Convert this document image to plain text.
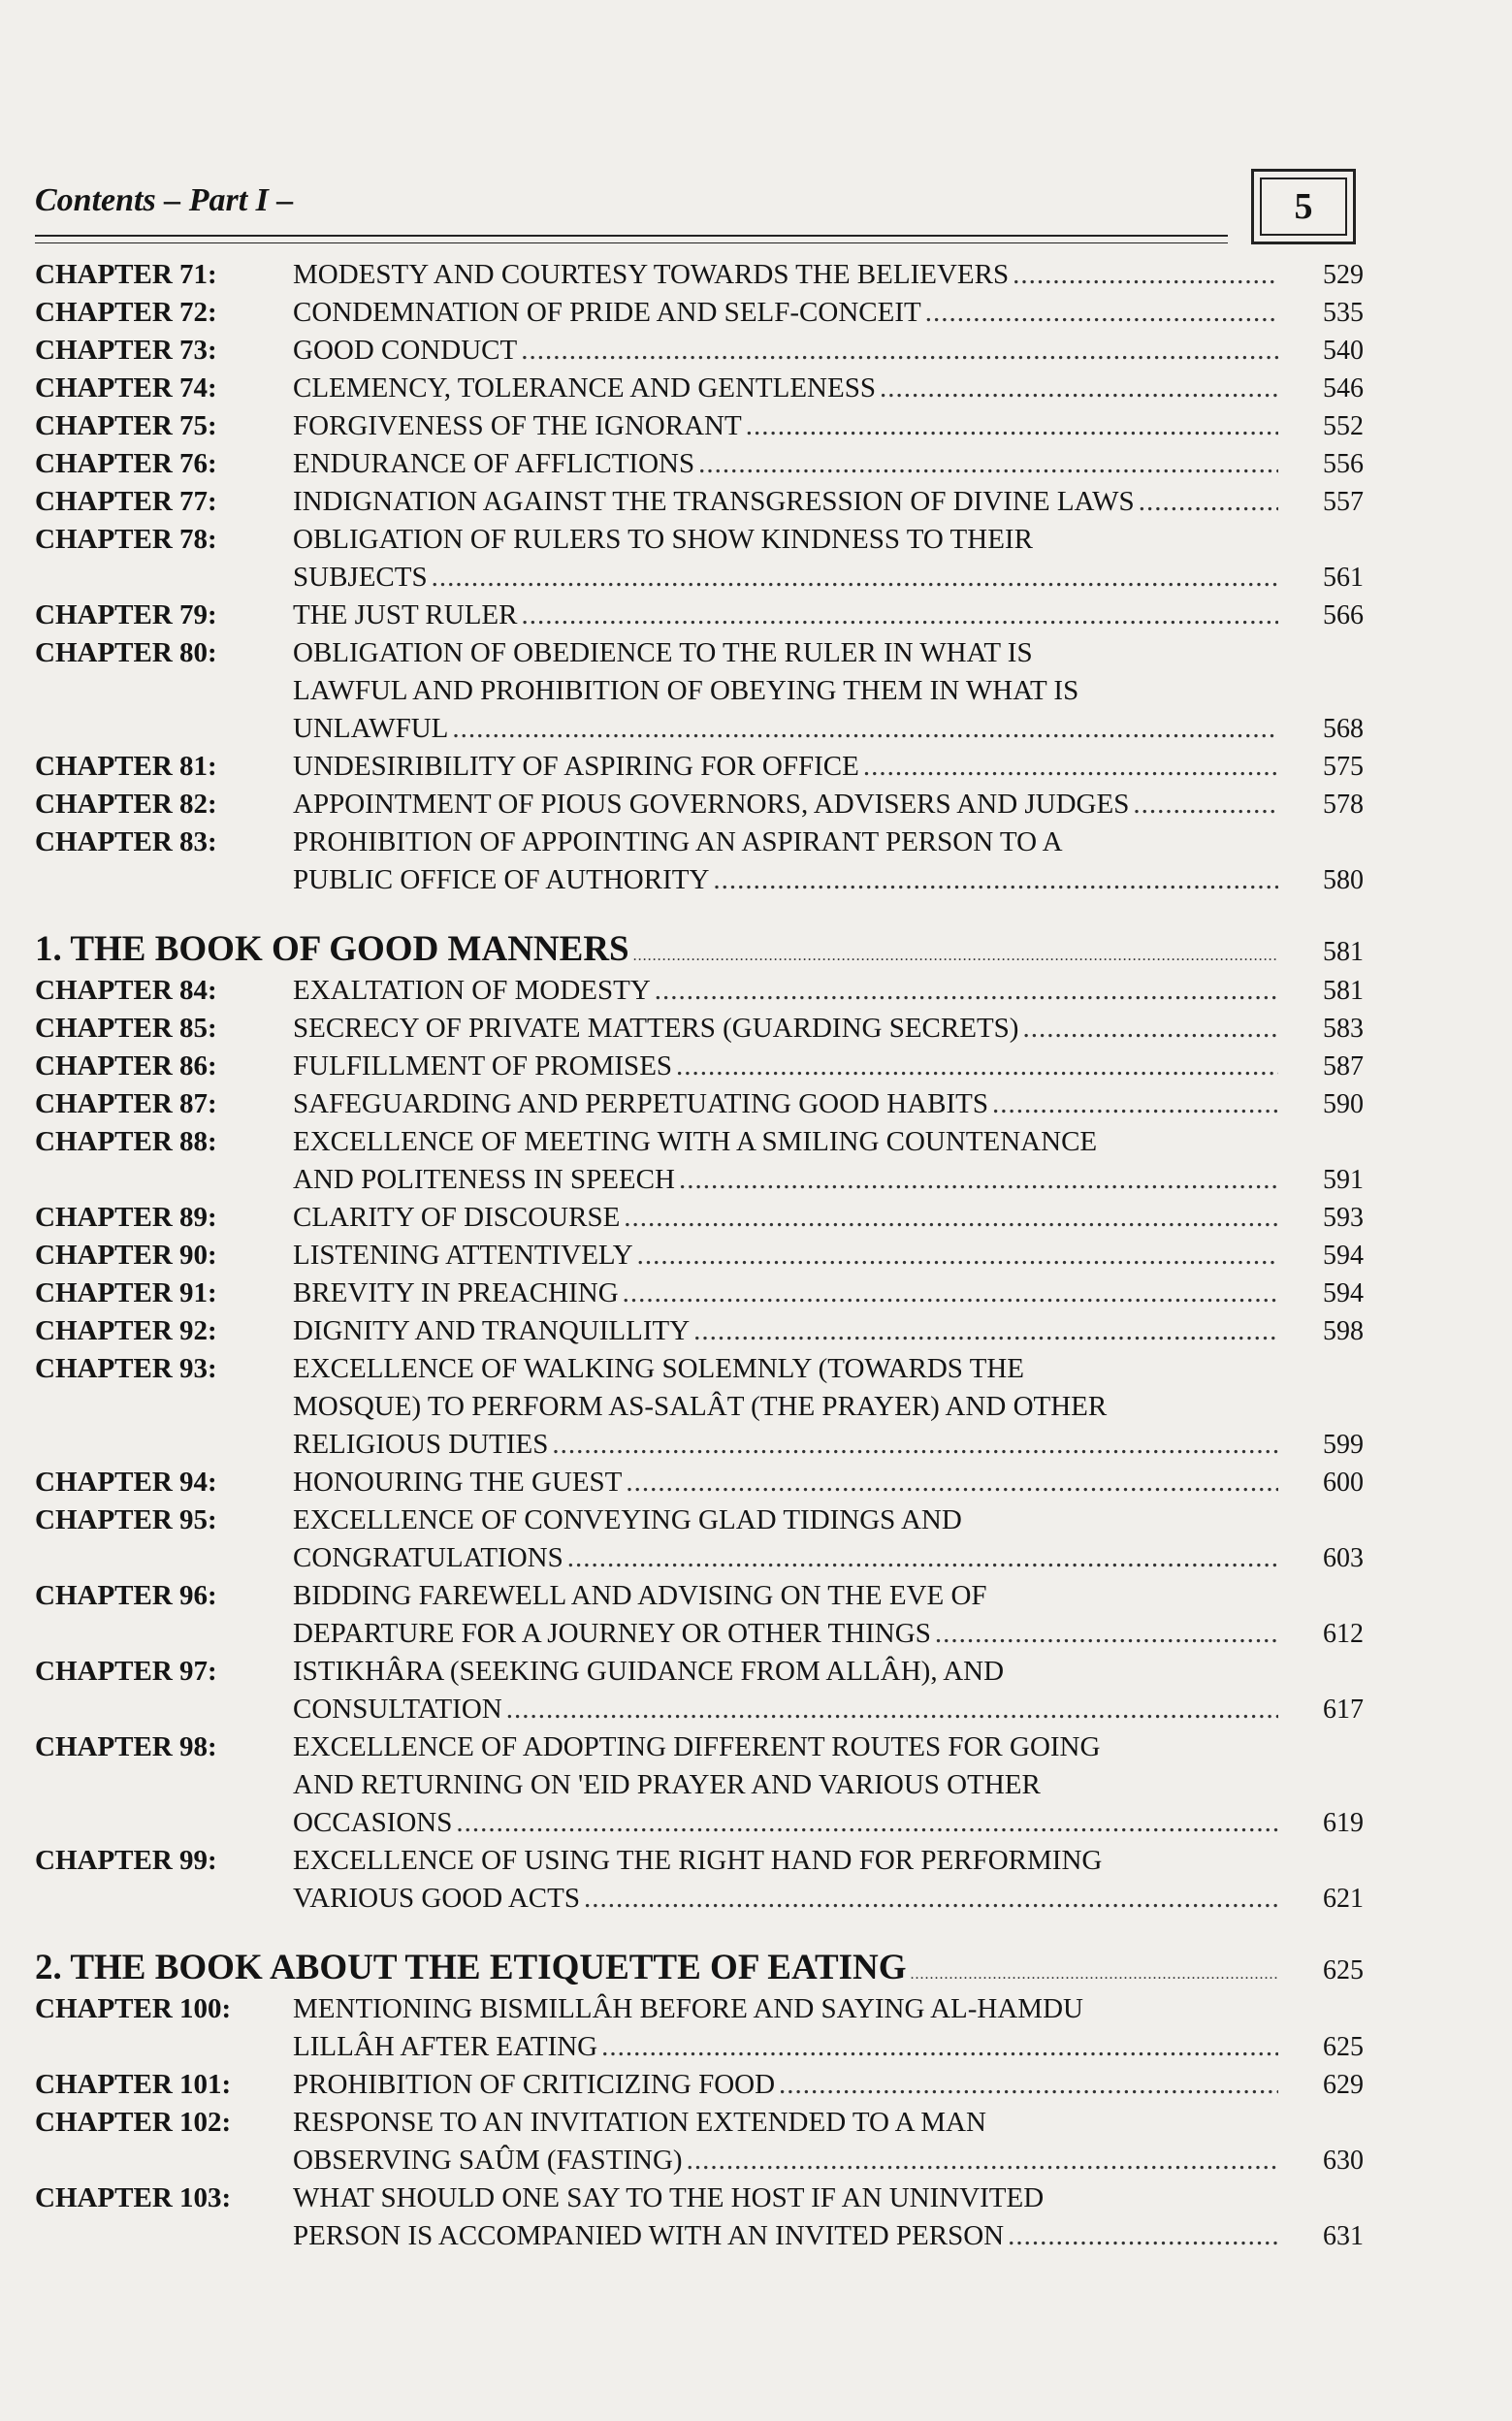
Contents – Part I –	5
CHAPTER 71:	MODESTY AND COURTESY TOWARDS THE BELIEVERS .....	529
CHAPTER 72:	CONDEMNATION OF PRIDE AND SELF-CONCEIT .....	535
CHAPTER 73:	GOOD CONDUCT .....	540
CHAPTER 74:	CLEMENCY, TOLERANCE AND GENTLENESS .....	546
CHAPTER 75:	FORGIVENESS OF THE IGNORANT .....	552
CHAPTER 76:	ENDURANCE OF AFFLICTIONS .....	556
CHAPTER 77:	INDIGNATION AGAINST THE TRANSGRESSION OF DIVINE LAWS .....	557
CHAPTER 78:	OBLIGATION OF RULERS TO SHOW KINDNESS TO THEIR
SUBJECTS .....	561
CHAPTER 79:	THE JUST RULER .....	566
CHAPTER 80:	OBLIGATION OF OBEDIENCE TO THE RULER IN WHAT IS
LAWFUL AND PROHIBITION OF OBEYING THEM IN WHAT IS
UNLAWFUL .....	568
CHAPTER 81:	UNDESIRIBILITY OF ASPIRING FOR OFFICE .....	575
CHAPTER 82:	APPOINTMENT OF PIOUS GOVERNORS, ADVISERS AND JUDGES .....	578
CHAPTER 83:	PROHIBITION OF APPOINTING AN ASPIRANT PERSON TO A
PUBLIC OFFICE OF AUTHORITY .....	580
1. THE BOOK OF GOOD MANNERS .....	581
CHAPTER 84:	EXALTATION OF MODESTY .....	581
CHAPTER 85:	SECRECY OF PRIVATE MATTERS (GUARDING SECRETS) .....	583
CHAPTER 86:	FULFILLMENT OF PROMISES .....	587
CHAPTER 87:	SAFEGUARDING AND PERPETUATING GOOD HABITS .....	590
CHAPTER 88:	EXCELLENCE OF MEETING WITH A SMILING COUNTENANCE
AND POLITENESS IN SPEECH .....	591
CHAPTER 89:	CLARITY OF DISCOURSE .....	593
CHAPTER 90:	LISTENING ATTENTIVELY .....	594
CHAPTER 91:	BREVITY IN PREACHING .....	594
CHAPTER 92:	DIGNITY AND TRANQUILLITY .....	598
CHAPTER 93:	EXCELLENCE OF WALKING SOLEMNLY (TOWARDS THE
MOSQUE) TO PERFORM AS-SALÂT (THE PRAYER) AND OTHER
RELIGIOUS DUTIES .....	599
CHAPTER 94:	HONOURING THE GUEST .....	600
CHAPTER 95:	EXCELLENCE OF CONVEYING GLAD TIDINGS AND
CONGRATULATIONS .....	603
CHAPTER 96:	BIDDING FAREWELL AND ADVISING ON THE EVE OF
DEPARTURE FOR A JOURNEY OR OTHER THINGS .....	612
CHAPTER 97:	ISTIKHÂRA (SEEKING GUIDANCE FROM ALLÂH), AND
CONSULTATION .....	617
CHAPTER 98:	EXCELLENCE OF ADOPTING DIFFERENT ROUTES FOR GOING
AND RETURNING ON 'EID PRAYER AND VARIOUS OTHER
OCCASIONS .....	619
CHAPTER 99:	EXCELLENCE OF USING THE RIGHT HAND FOR PERFORMING
VARIOUS GOOD ACTS .....	621
2. THE BOOK ABOUT THE ETIQUETTE OF EATING .....	625
CHAPTER 100:	MENTIONING BISMILLÂH BEFORE AND SAYING AL-HAMDU
LILLÂH AFTER EATING .....	625
CHAPTER 101:	PROHIBITION OF CRITICIZING FOOD .....	629
CHAPTER 102:	RESPONSE TO AN INVITATION EXTENDED TO A MAN
OBSERVING SAÛM (FASTING) .....	630
CHAPTER 103:	WHAT SHOULD ONE SAY TO THE HOST IF AN UNINVITED
PERSON IS ACCOMPANIED WITH AN INVITED PERSON .....	631
